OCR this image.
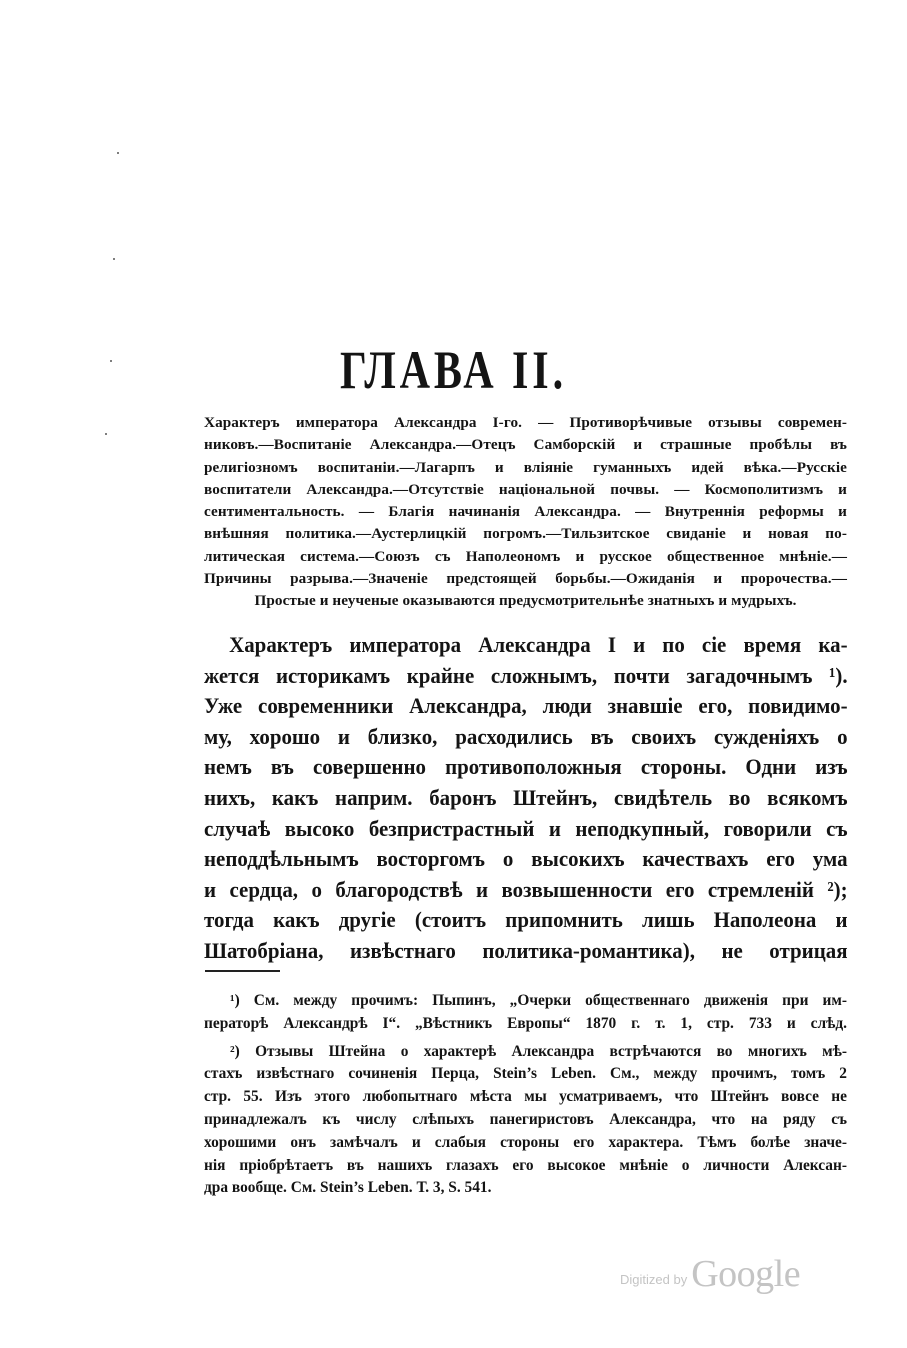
ГЛАВА II.
Характеръ императора Александра I-го. — Противорѣчивые отзывы современ-
никовъ.—Воспитаніе Александра.—Отецъ Самборскій и страшные пробѣлы въ
религіозномъ воспитаніи.—Лагарпъ и вліяніе гуманныхъ идей вѣка.—Русскіе
воспитатели Александра.—Отсутствіе національной почвы. — Космополитизмъ и
сентиментальность. — Благія начинанія Александра. — Внутреннія реформы и
внѣшняя политика.—Аустерлицкій погромъ.—Тильзитское свиданіе и новая по-
литическая система.—Союзъ съ Наполеономъ и русское общественное мнѣніе.—
Причины разрыва.—Значеніе предстоящей борьбы.—Ожиданія и пророчества.—
Простые и неученые оказываются предусмотрительнѣе знатныхъ и мудрыхъ.
Характеръ императора Александра I и по сіе время ка-
жется историкамъ крайне сложнымъ, почти загадочнымъ ¹).
Уже современники Александра, люди знавшіе его, повидимо-
му, хорошо и близко, расходились въ своихъ сужденіяхъ о
немъ въ совершенно противоположныя стороны. Одни изъ
нихъ, какъ наприм. баронъ Штейнъ, свидѣтель во всякомъ
случаѣ высоко безпристрастный и неподкупный, говорили съ
неподдѣльнымъ восторгомъ о высокихъ качествахъ его ума
и сердца, о благородствѣ и возвышенности его стремленій ²);
тогда какъ другіе (стоитъ припомнить лишь Наполеона и
Шатобріана, извѣстнаго политика-романтика), не отрицая
¹) См. между прочимъ: Пыпинъ, „Очерки общественнаго движенія при им-
ператорѣ Александрѣ I“. „Вѣстникъ Европы“ 1870 г. т. 1, стр. 733 и слѣд.
²) Отзывы Штейна о характерѣ Александра встрѣчаются во многихъ мѣ-
стахъ извѣстнаго сочиненія Перца, Stein’s Leben. См., между прочимъ, томъ 2
стр. 55. Изъ этого любопытнаго мѣста мы усматриваемъ, что Штейнъ вовсе не
принадлежалъ къ числу слѣпыхъ панегиристовъ Александра, что на ряду съ
хорошими онъ замѣчалъ и слабыя стороны его характера. Тѣмъ болѣе значе-
нія пріобрѣтаетъ въ нашихъ глазахъ его высокое мнѣніе о личности Алексан-
дра вообще. См. Stein’s Leben. Т. 3, S. 541.
Digitized by Google
